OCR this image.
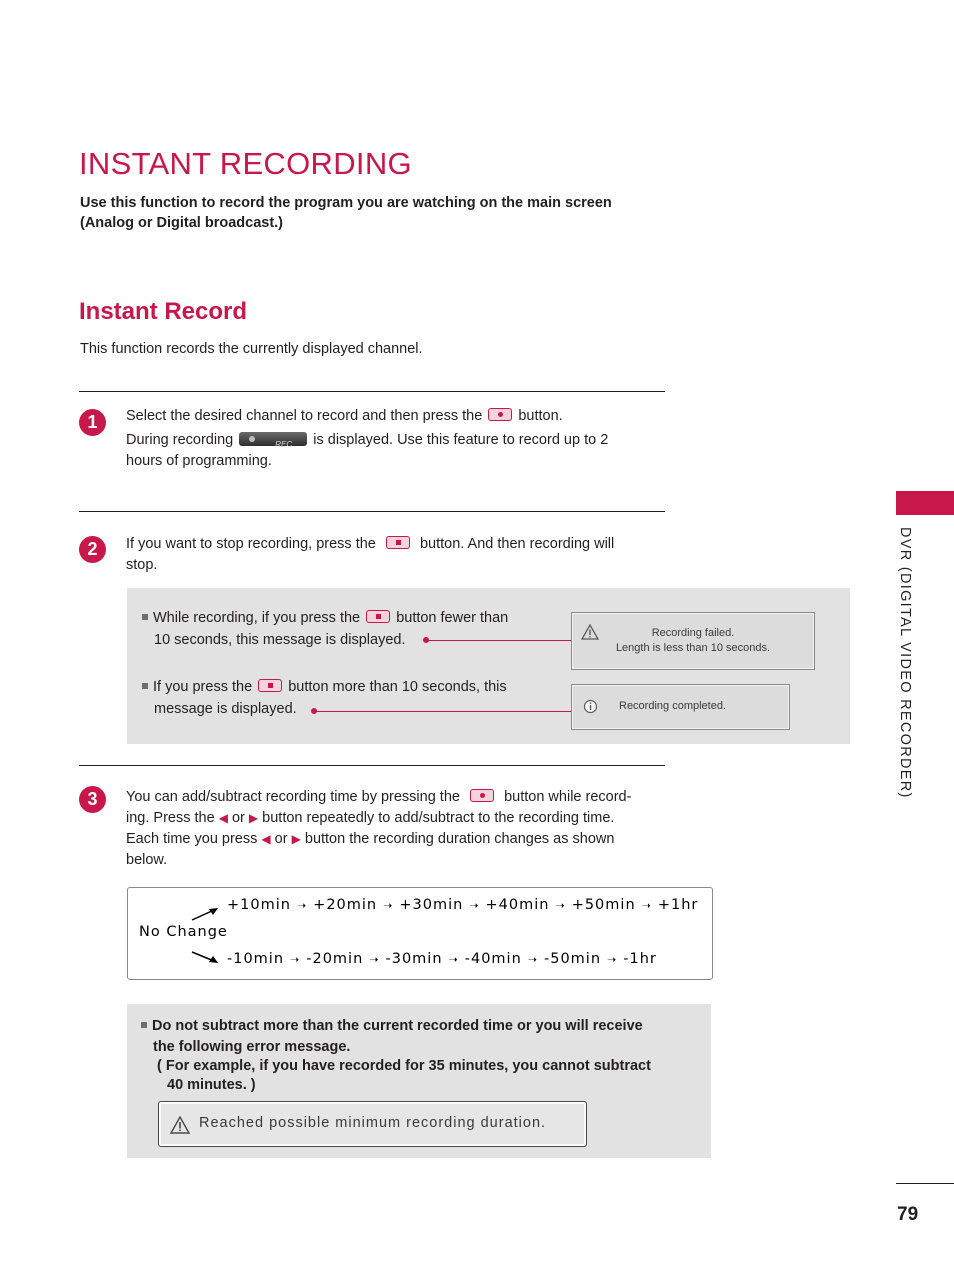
INSTANT RECORDING
Use this function to record the program you are watching on the main screen
(Analog or Digital broadcast.)
Instant Record
This function records the currently displayed channel.
1	Select the desired channel to record and then press the button.
During recording	REC is displayed. Use this feature to record up to 2
hours of programming.
2	If you want to stop recording, press the	button. And then recording will
stop.
While recording, if you press the button fewer than
10 seconds, this message is displayed.
If you press the button more than 10 seconds, this
message is displayed.
Recording failed.
Length is less than 10 seconds.
Recording completed.
3	You can add/subtract recording time by pressing the	button while record-
ing. Press the ◀ or ▶ button repeatedly to add/subtract to the recording time.
Each time you press ◀ or ▶ button the recording duration changes as shown
below.
No Change
+10min ➝ +20min ➝ +30min ➝ +40min ➝ +50min ➝ +1hr
-10min ➝ -20min ➝ -30min ➝ -40min ➝ -50min ➝ -1hr
Do not subtract more than the current recorded time or you will receive
the following error message.
( For example, if you have recorded for 35 minutes, you cannot subtract
40 minutes. )
Reached possible minimum recording duration.
DVR (DIGITAL VIDEO RECORDER)
79
